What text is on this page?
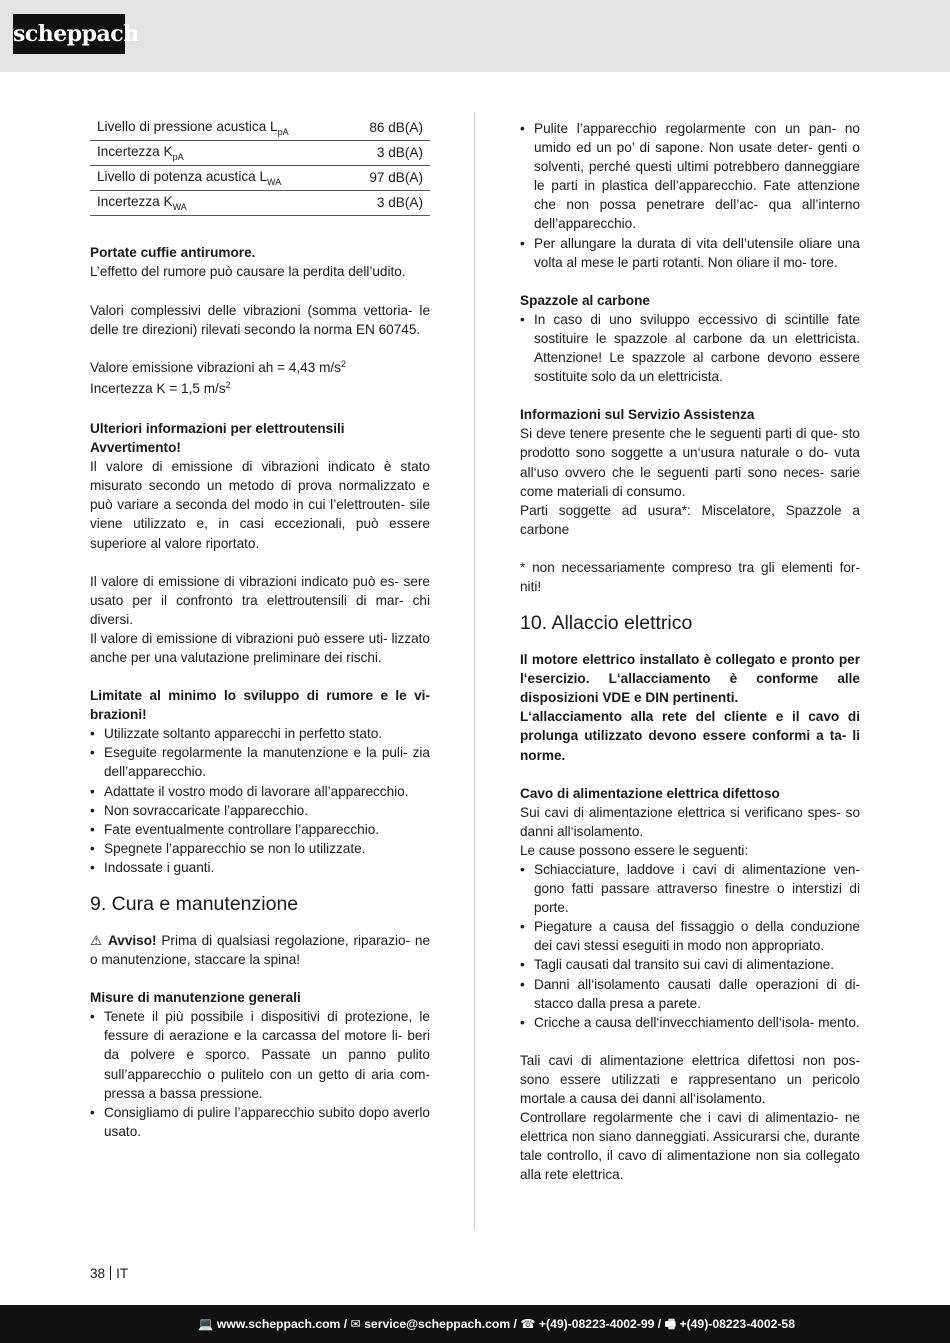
scheppach
Livello di pressione acustica $L_{pA}$	86 dB(A)
Incertezza $K_{pA}$	3 dB(A)
Livello di potenza acustica $L_{WA}$	97 dB(A)
Incertezza $K_{WA}$	3 dB(A)

Portate cuffie antirumore.

L’effetto del rumore può causare la perdita dell’udito.

Valori complessivi delle vibrazioni (somma vettoria- le delle tre direzioni) rilevati secondo la norma EN 60745.

Valore emissione vibrazioni ah = 4,43 $m/s^2$

Incertezza K = 1,5 $m/s^2$

Ulteriori informazioni per elettroutensili

Avvertimento!

Il valore di emissione di vibrazioni indicato è stato misurato secondo un metodo di prova normalizzato e può variare a seconda del modo in cui l’elettrouten- sile viene utilizzato e, in casi eccezionali, può essere superiore al valore riportato.

Il valore di emissione di vibrazioni indicato può es- sere usato per il confronto tra elettroutensili di mar- chi diversi.

Il valore di emissione di vibrazioni può essere uti- lizzato anche per una valutazione preliminare dei rischi.

Limitate al minimo lo sviluppo di rumore e le vi- brazioni!

• Utilizzate soltanto apparecchi in perfetto stato.
• Eseguite regolarmente la manutenzione e la puli- zia dell’apparecchio.
• Adattate il vostro modo di lavorare all’apparecchio.
• Non sovraccaricate l’apparecchio.
• Fate eventualmente controllare l’apparecchio.
• Spegnete l’apparecchio se non lo utilizzate.
• Indossate i guanti.
9. Cura e manutenzione

⚠ Avviso! Prima di qualsiasi regolazione, riparazio- ne o manutenzione, staccare la spina!

Misure di manutenzione generali

• Tenete il più possibile i dispositivi di protezione, le fessure di aerazione e la carcassa del motore li- beri da polvere e sporco. Passate un panno pulito sull’apparecchio o pulitelo con un getto di aria com- pressa a bassa pressione.
• Consigliamo di pulire l’apparecchio subito dopo averlo usato.
• Pulite l’apparecchio regolarmente con un pan- no umido ed un po’ di sapone. Non usate deter- genti o solventi, perché questi ultimi potrebbero danneggiare le parti in plastica dell’apparecchio. Fate attenzione che non possa penetrare dell’ac- qua all’interno dell’apparecchio.
• Per allungare la durata di vita dell’utensile oliare una volta al mese le parti rotanti. Non oliare il mo- tore.

Spazzole al carbone

• In caso di uno sviluppo eccessivo di scintille fate sostituire le spazzole al carbone da un elettricista. Attenzione! Le spazzole al carbone devono essere sostituite solo da un elettricista.

Informazioni sul Servizio Assistenza

Si deve tenere presente che le seguenti parti di que- sto prodotto sono soggette a un‘usura naturale o do- vuta all‘uso ovvero che le seguenti parti sono neces- sarie come materiali di consumo.

Parti soggette ad usura*: Miscelatore, Spazzole a carbone

* non necessariamente compreso tra gli elementi for- niti!

10. Allaccio elettrico

Il motore elettrico installato è collegato e pronto per l‘esercizio. L‘allacciamento è conforme alle disposizioni VDE e DIN pertinenti.

L‘allacciamento alla rete del cliente e il cavo di prolunga utilizzato devono essere conformi a ta- li norme.

Cavo di alimentazione elettrica difettoso

Sui cavi di alimentazione elettrica si verificano spes- so danni all‘isolamento.

Le cause possono essere le seguenti:

• Schiacciature, laddove i cavi di alimentazione ven- gono fatti passare attraverso finestre o interstizi di porte.
• Piegature a causa del fissaggio o della conduzione dei cavi stessi eseguiti in modo non appropriato.
• Tagli causati dal transito sui cavi di alimentazione.
• Danni all‘isolamento causati dalle operazioni di di- stacco dalla presa a parete.
• Cricche a causa dell‘invecchiamento dell‘isola- mento.

Tali cavi di alimentazione elettrica difettosi non pos- sono essere utilizzati e rappresentano un pericolo mortale a causa dei danni all‘isolamento.

Controllare regolarmente che i cavi di alimentazio- ne elettrica non siano danneggiati. Assicurarsi che, durante tale controllo, il cavo di alimentazione non sia collegato alla rete elettrica.

38 IT
💻 www.scheppach.com / ✉ service@scheppach.com / ☎ +(49)-08223-4002-99 / 🖷 +(49)-08223-4002-58
